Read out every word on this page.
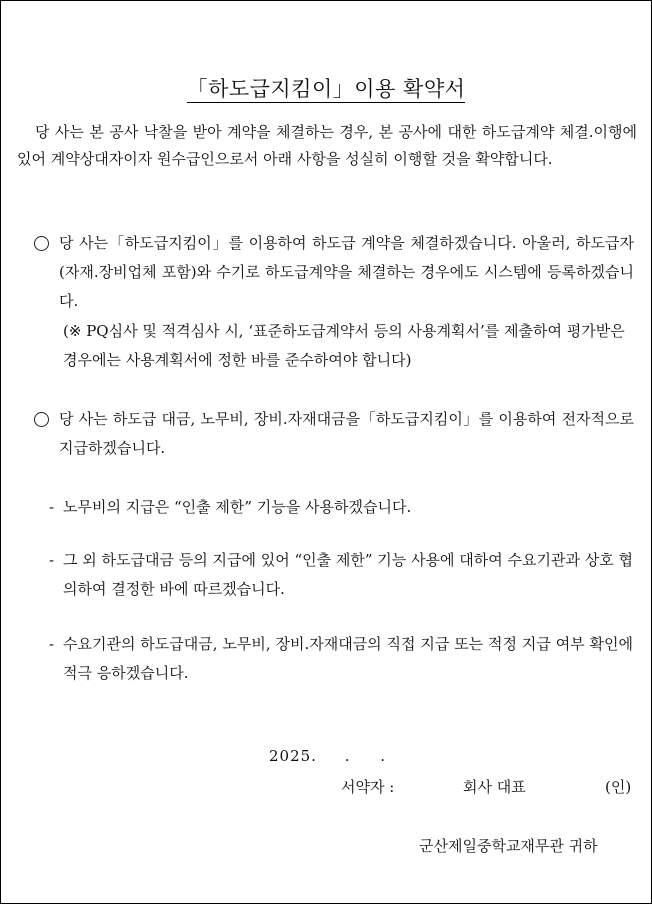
「하도급지킴이」이용 확약서
당 사는 본 공사 낙찰을 받아 계약을 체결하는 경우, 본 공사에 대한 하도급계약 체결.이행에 있어 계약상대자이자 원수급인으로서 아래 사항을 성실히 이행할 것을 확약합니다.
당 사는「하도급지킴이」를 이용하여 하도급 계약을 체결하겠습니다. 아울러, 하도급자(자재.장비업체 포함)와 수기로 하도급계약을 체결하는 경우에도 시스템에 등록하겠습니다.
(※ PQ심사 및 적격심사 시, ‘표준하도급계약서 등의 사용계획서’를 제출하여 평가받은 경우에는 사용계획서에 정한 바를 준수하여야 합니다)
당 사는 하도급 대금, 노무비, 장비.자재대금을「하도급지킴이」를 이용하여 전자적으로 지급하겠습니다.
- 노무비의 지급은 “인출 제한” 기능을 사용하겠습니다.
- 그 외 하도급대금 등의 지급에 있어 “인출 제한” 기능 사용에 대하여 수요기관과 상호 협의하여 결정한 바에 따르겠습니다.
- 수요기관의 하도급대금, 노무비, 장비.자재대금의 직접 지급 또는 적정 지급 여부 확인에 적극 응하겠습니다.
2025. . .
서약자 :	회사 대표	(인)
군산제일중학교재무관 귀하
